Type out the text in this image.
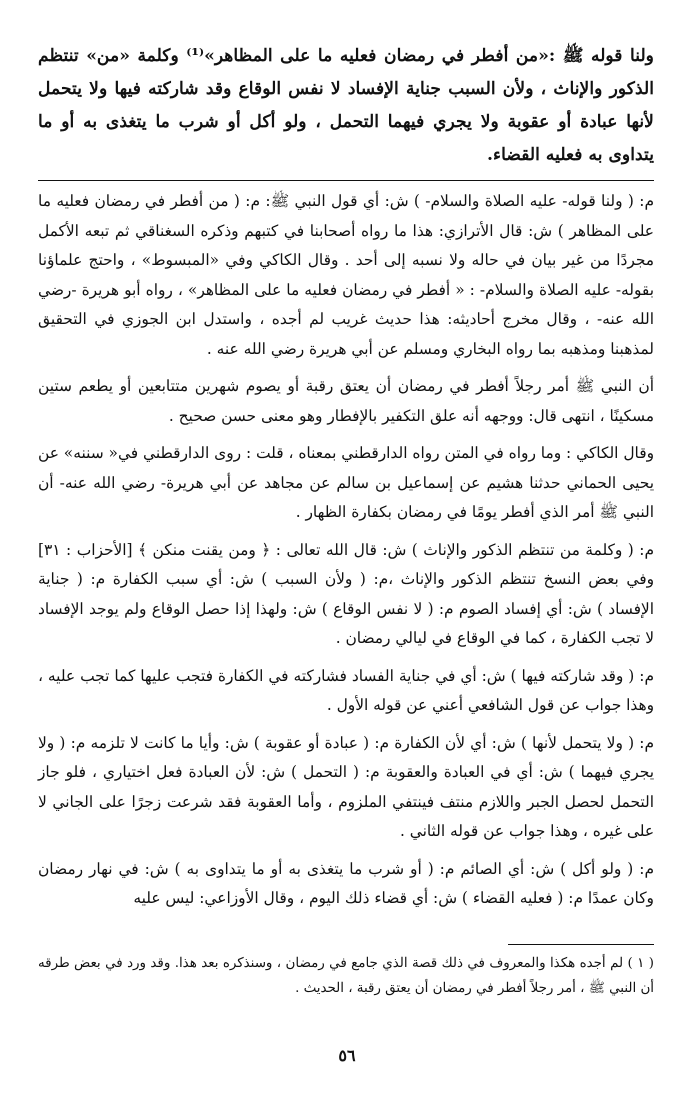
ولنا قوله ﷺ :«من أفطر في رمضان فعليه ما على المظاهر»⁽¹⁾ وكلمة «من» تنتظم الذكور والإناث ، ولأن السبب جناية الإفساد لا نفس الوقاع وقد شاركته فيها ولا يتحمل لأنها عبادة أو عقوبة ولا يجري فيهما التحمل ، ولو أكل أو شرب ما يتغذى به أو ما يتداوى به فعليه القضاء.

م: ( ولنا قوله- عليه الصلاة والسلام- ) ش: أي قول النبي ﷺ: م: ( من أفطر في رمضان فعليه ما على المظاهر ) ش: قال الأترازي: هذا ما رواه أصحابنا في كتبهم وذكره السغناقي ثم تبعه الأكمل مجردًا من غير بيان في حاله ولا نسبه إلى أحد . وقال الكاكي وفي «المبسوط» ، واحتج علماؤنا بقوله- عليه الصلاة والسلام- : « أفطر في رمضان فعليه ما على المظاهر» ، رواه أبو هريرة -رضي الله عنه- ، وقال مخرج أحاديثه: هذا حديث غريب لم أجده ، واستدل ابن الجوزي في التحقيق لمذهبنا ومذهبه بما رواه البخاري ومسلم عن أبي هريرة رضي الله عنه .

أن النبي ﷺ أمر رجلاً أفطر في رمضان أن يعتق رقبة أو يصوم شهرين متتابعين أو يطعم ستين مسكينًا ، انتهى قال: ووجهه أنه علق التكفير بالإفطار وهو معنى حسن صحيح .

وقال الكاكي : وما رواه في المتن رواه الدارقطني بمعناه ، قلت : روى الدارقطني في« سننه» عن يحيى الحماني حدثنا هشيم عن إسماعيل بن سالم عن مجاهد عن أبي هريرة- رضي الله عنه- أن النبي ﷺ أمر الذي أفطر يومًا في رمضان بكفارة الظهار .

م: ( وكلمة من تنتظم الذكور والإناث ) ش: قال الله تعالى : ﴿ ومن يقنت منكن ﴾ [الأحزاب : ٣١] وفي بعض النسخ تنتظم الذكور والإناث ،م: ( ولأن السبب ) ش: أي سبب الكفارة م: ( جناية الإفساد ) ش: أي إفساد الصوم م: ( لا نفس الوقاع ) ش: ولهذا إذا حصل الوقاع ولم يوجد الإفساد لا تجب الكفارة ، كما في الوقاع في ليالي رمضان .

م: ( وقد شاركته فيها ) ش: أي في جناية الفساد فشاركته في الكفارة فتجب عليها كما تجب عليه ، وهذا جواب عن قول الشافعي أعني عن قوله الأول .

م: ( ولا يتحمل لأنها ) ش: أي لأن الكفارة م: ( عبادة أو عقوبة ) ش: وأيا ما كانت لا تلزمه م: ( ولا يجري فيهما ) ش: أي في العبادة والعقوبة م: ( التحمل ) ش: لأن العبادة فعل اختياري ، فلو جاز التحمل لحصل الجبر واللازم منتف فينتفي الملزوم ، وأما العقوبة فقد شرعت زجرًا على الجاني لا على غيره ، وهذا جواب عن قوله الثاني .

م: ( ولو أكل ) ش: أي الصائم م: ( أو شرب ما يتغذى به أو ما يتداوى به ) ش: في نهار رمضان وكان عمدًا م: ( فعليه القضاء ) ش: أي قضاء ذلك اليوم ، وقال الأوزاعي: ليس عليه

( ١ ) لم أجده هكذا والمعروف في ذلك قصة الذي جامع في رمضان ، وسنذكره بعد هذا. وقد ورد في بعض طرقه أن النبي ﷺ ، أمر رجلاً أفطر في رمضان أن يعتق رقبة ، الحديث .

٥٦
